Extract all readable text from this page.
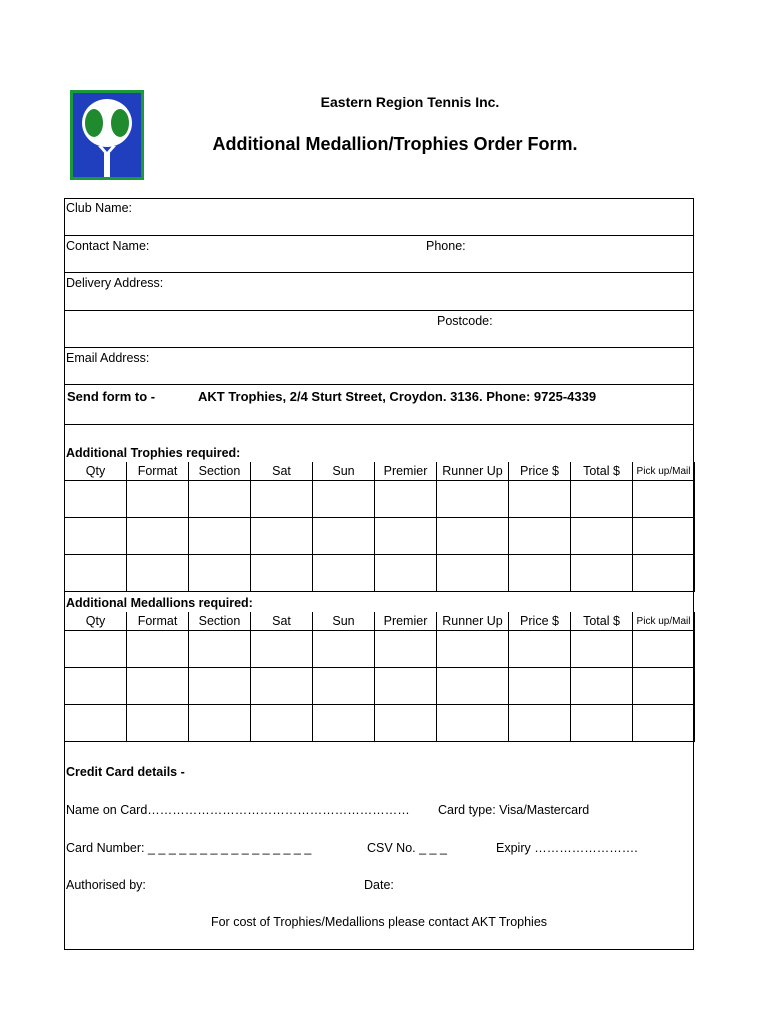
Eastern Region Tennis Inc.
Additional Medallion/Trophies Order Form.
Club Name:
Contact Name:	Phone:
Delivery Address:
Postcode:
Email Address:
Send form to -	AKT Trophies, 2/4 Sturt Street, Croydon. 3136. Phone: 9725-4339
Additional Trophies required:
Qty	Format	Section	Sat	Sun	Premier	Runner Up	Price $	Total $	Pick up/Mail

Additional Medallions required:
Qty	Format	Section	Sat	Sun	Premier	Runner Up	Price $	Total $	Pick up/Mail

Credit Card details -
Name on Card……………………………………………………… Card type: Visa/Mastercard
Card Number: _ _ _ _ _ _ _ _ _ _ _ _ _ _ _ _	CSV No. _ _ _	Expiry …………………….
Authorised by:	Date:
For cost of Trophies/Medallions please contact AKT Trophies
